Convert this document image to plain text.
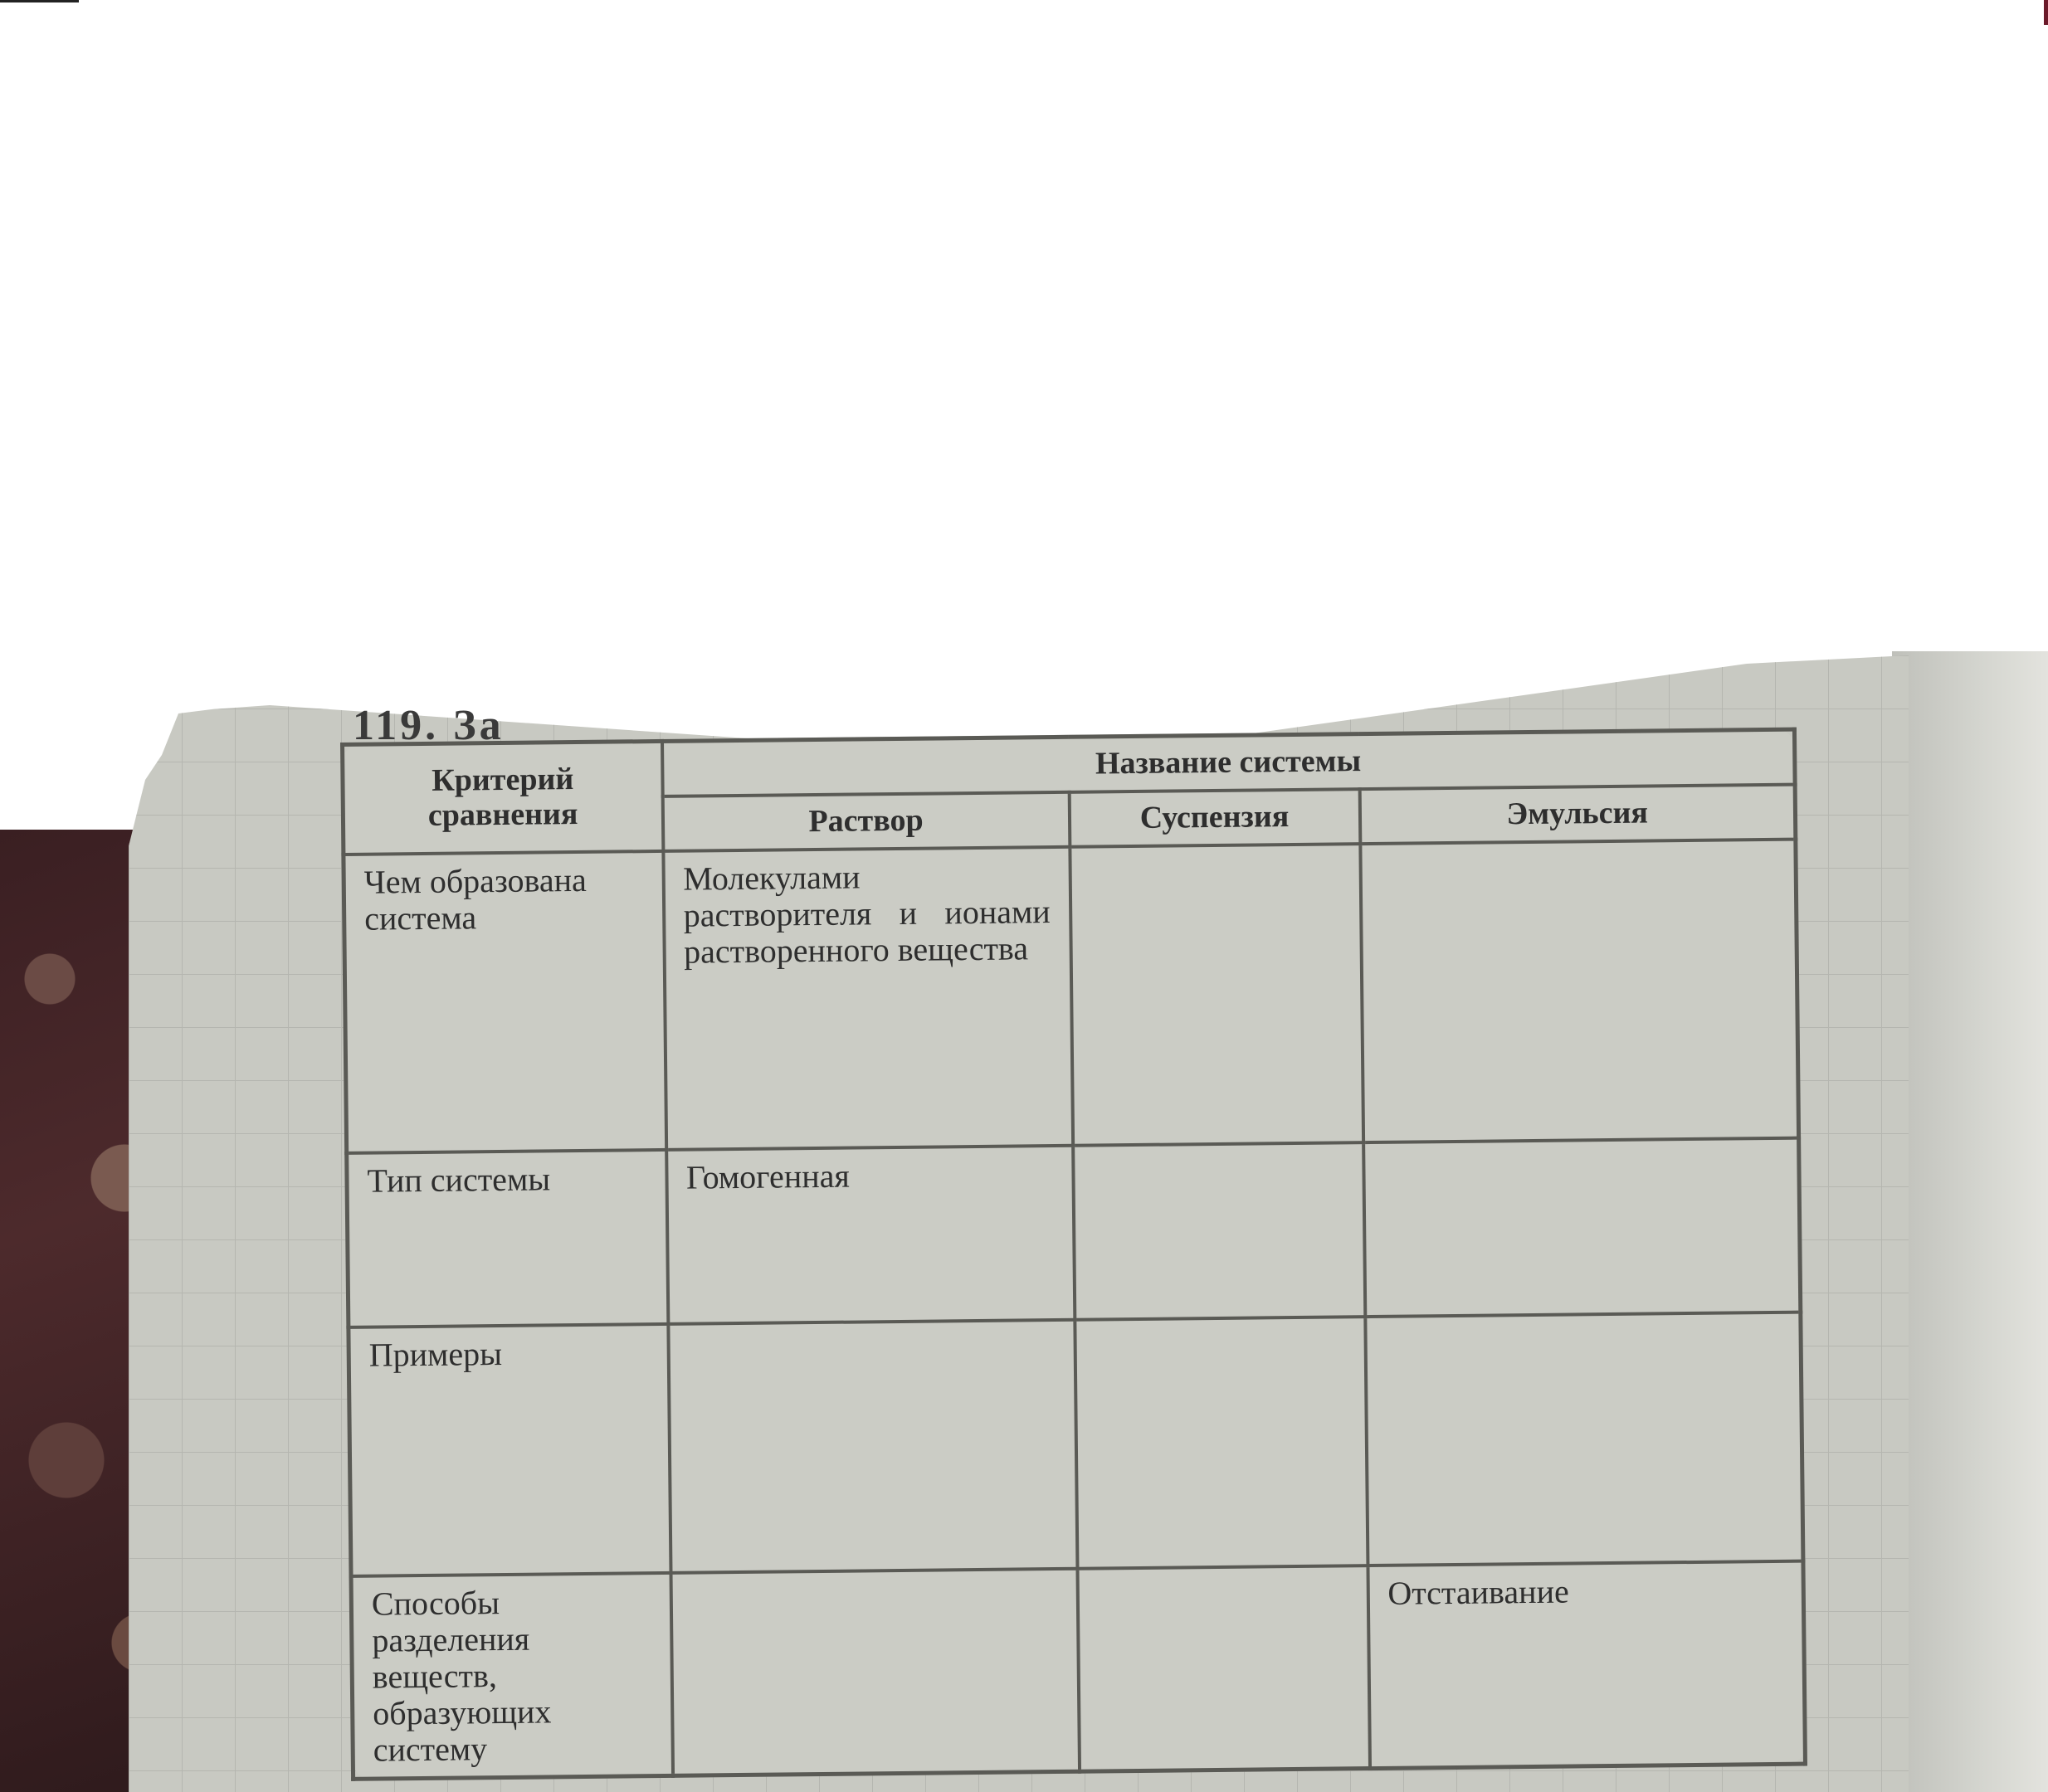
119. За
Критерий сравнения	Название системы		
	Раствор	Суспензия	Эмульсия
Чем образована система	Молекулами растворителя и ионами растворенного вещества		
Тип системы	Гомогенная		
Примеры			
Способы разделения веществ, образующих систему			Отстаивание
